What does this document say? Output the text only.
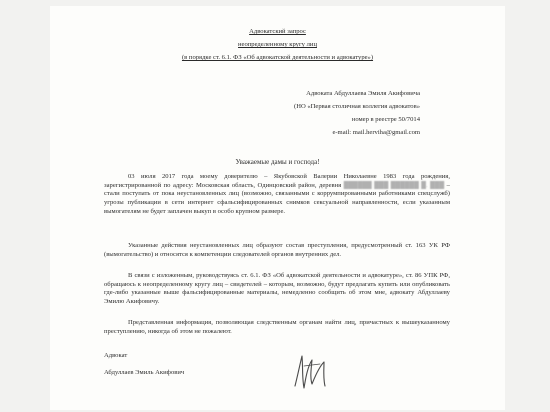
Адвокатский запрос
неопределенному кругу лиц
(в порядке ст. 6.1. ФЗ «Об адвокатской деятельности и адвокатуре»)
Адвоката Абдуллаева Эмиля Акифовича
(НО «Первая столичная коллегия адвокатов»
номер в реестре 50/7014
e-mail: mail.herviha@gmail.com
Уважаемые дамы и господа!
03 июля 2017 года моему доверителю – Якубовской Валерии Николаевне 1983 года рождения, зарегистрированной по адресу: Московская область, Одинцовский район, деревня ██████ ███ ██████ █. ███ – стали поступать от пока неустановленных лиц (возможно, связанными с коррумпированными работниками спецслужб) угрозы публикации в сети интернет сфальсифицированных снимков сексуальной направленности, если указанным вымогателям не будет заплачен выкуп в особо крупном размере.
Указанные действия неустановленных лиц образуют состав преступления, предусмотренный ст. 163 УК РФ (вымогательство) и относятся к компетенции следователей органов внутренних дел.
В связи с изложенным, руководствуясь ст. 6.1. ФЗ «Об адвокатской деятельности и адвокатуре», ст. 86 УПК РФ, обращаюсь к неопределенному кругу лиц – свидетелей – которым, возможно, будут предлагать купить или опубликовать где-либо указанные выше фальсифицированные материалы, немедленно сообщить об этом мне, адвокату Абдуллаеву Эмилю Акифовичу.
Представленная информация, позволяющая следственным органам найти лиц, причастных к вышеуказанному преступлению, никогда об этом не пожалеют.
Адвокат
Абдуллаев Эмиль Акифович
